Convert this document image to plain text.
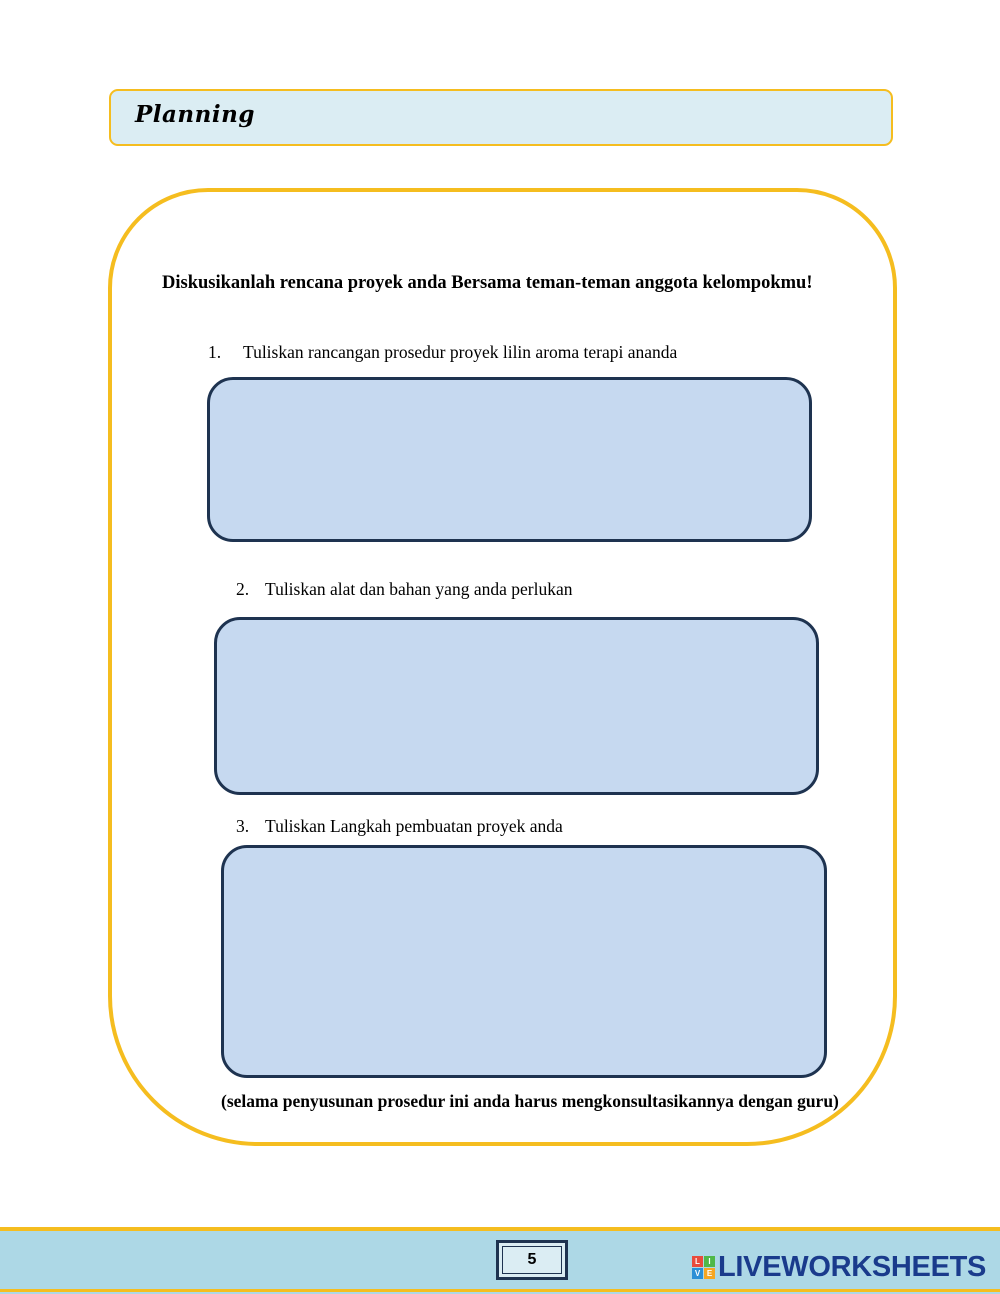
Planning
Diskusikanlah rencana proyek anda Bersama teman-teman anggota kelompokmu!
1. Tuliskan rancangan prosedur proyek lilin aroma terapi ananda
2. Tuliskan alat dan bahan yang anda perlukan
3. Tuliskan Langkah pembuatan proyek anda
(selama penyusunan prosedur ini anda harus mengkonsultasikannya dengan guru)
5	L	I
V E LIVEWORKSHEETS
